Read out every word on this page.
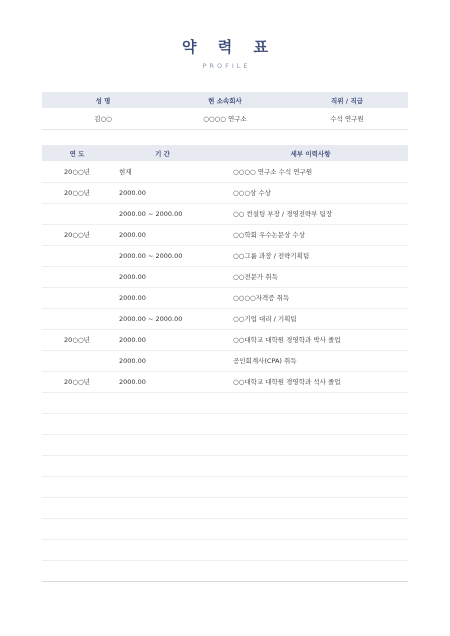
약 력 표
PROFILE
성 명	현 소속회사	직위 / 직급
김○○	○○○○ 연구소	수석 연구원
연 도	기 간	세부 이력사항
20○○년	현재	○○○○ 연구소 수석 연구원
20○○년	2000.00	○○○상 수상
	2000.00 ~ 2000.00	○○ 컨설팅 부장 / 경영전략부 팀장
20○○년	2000.00	○○학회 우수논문상 수상
	2000.00 ~ 2000.00	○○그룹 과장 / 전략기획팀
	2000.00	○○전문가 취득
	2000.00	○○○○자격증 취득
	2000.00 ~ 2000.00	○○기업 대리 / 기획팀
20○○년	2000.00	○○대학교 대학원 경영학과 박사 졸업
	2000.00	공인회계사(CPA) 취득
20○○년	2000.00	○○대학교 대학원 경영학과 석사 졸업
